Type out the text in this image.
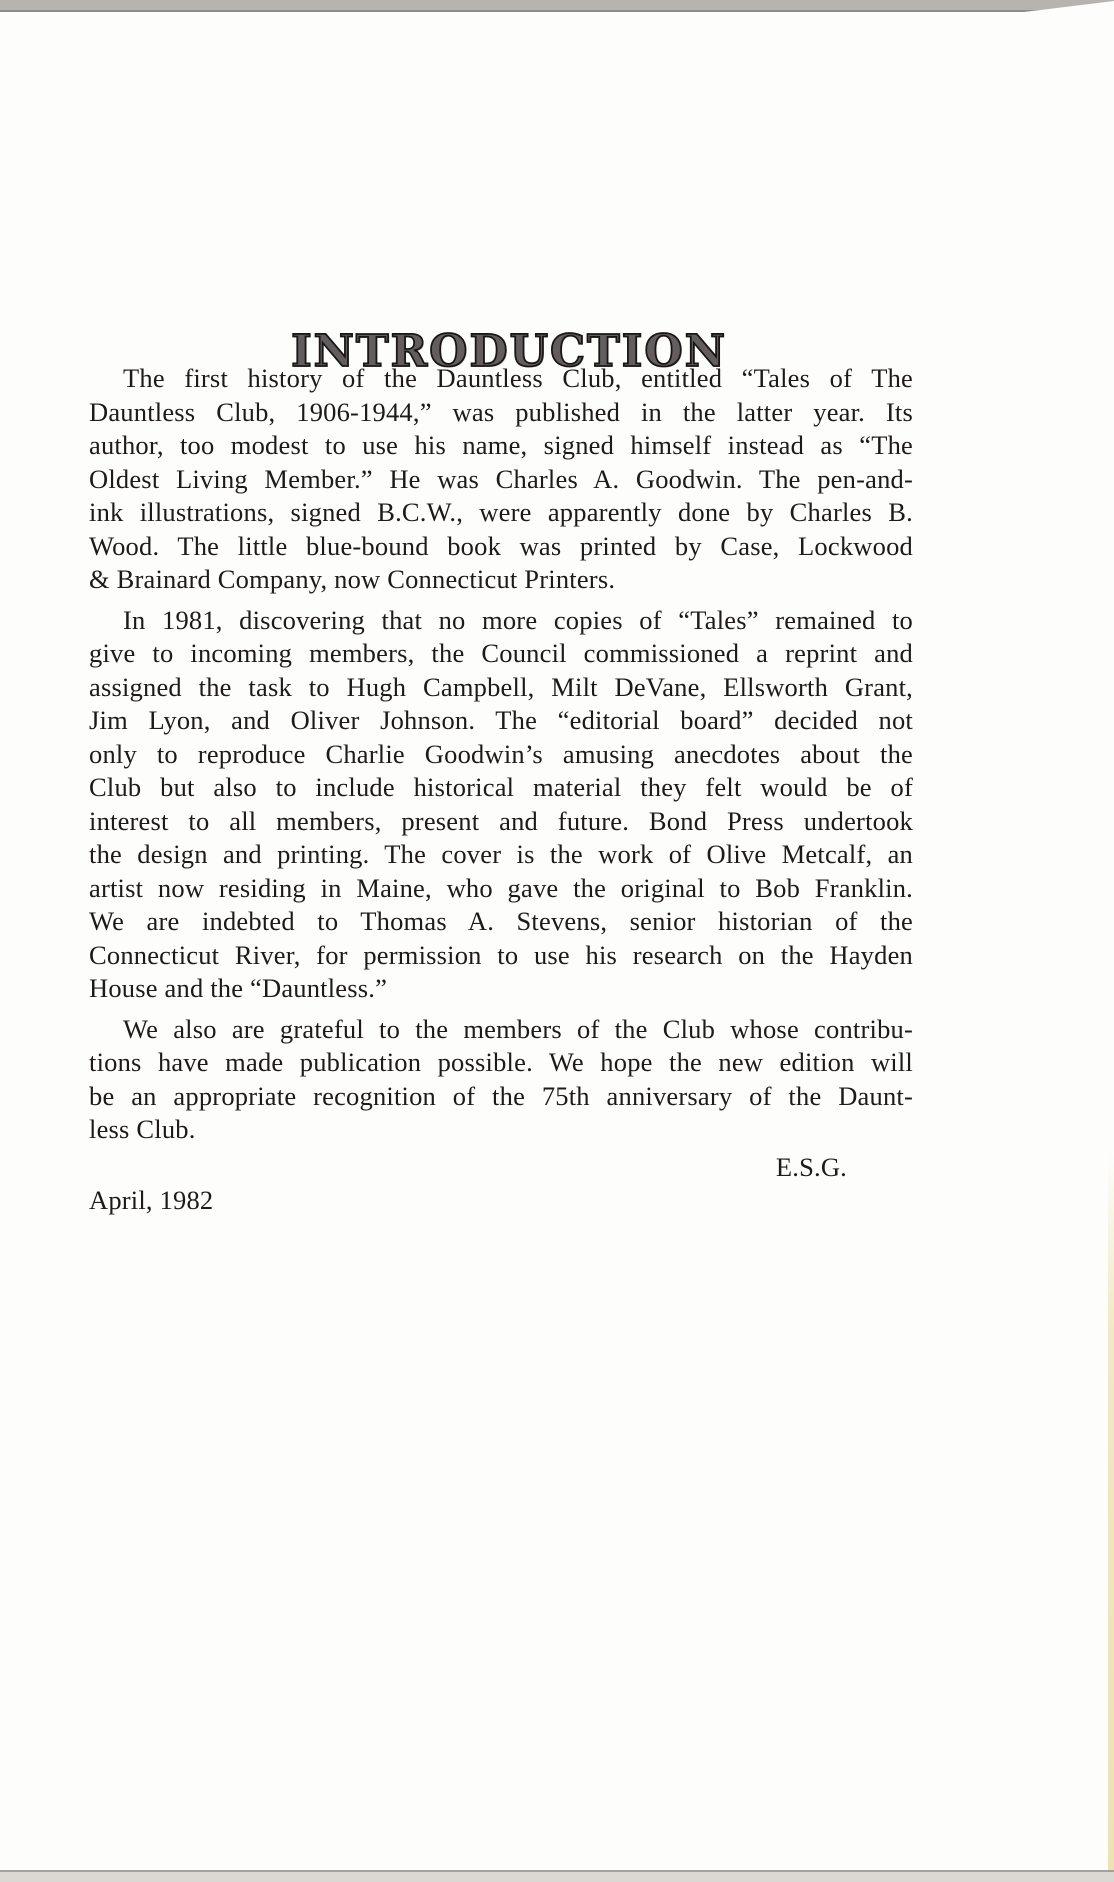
INTRODUCTION
The first history of the Dauntless Club, entitled “Tales of The
Dauntless Club, 1906-1944,” was published in the latter year. Its
author, too modest to use his name, signed himself instead as “The
Oldest Living Member.” He was Charles A. Goodwin. The pen-and-
ink illustrations, signed B.C.W., were apparently done by Charles B.
Wood. The little blue-bound book was printed by Case, Lockwood
& Brainard Company, now Connecticut Printers.
In 1981, discovering that no more copies of “Tales” remained to
give to incoming members, the Council commissioned a reprint and
assigned the task to Hugh Campbell, Milt DeVane, Ellsworth Grant,
Jim Lyon, and Oliver Johnson. The “editorial board” decided not
only to reproduce Charlie Goodwin’s amusing anecdotes about the
Club but also to include historical material they felt would be of
interest to all members, present and future. Bond Press undertook
the design and printing. The cover is the work of Olive Metcalf, an
artist now residing in Maine, who gave the original to Bob Franklin.
We are indebted to Thomas A. Stevens, senior historian of the
Connecticut River, for permission to use his research on the Hayden
House and the “Dauntless.”
We also are grateful to the members of the Club whose contribu-
tions have made publication possible. We hope the new edition will
be an appropriate recognition of the 75th anniversary of the Daunt-
less Club.
E.S.G.
April, 1982
